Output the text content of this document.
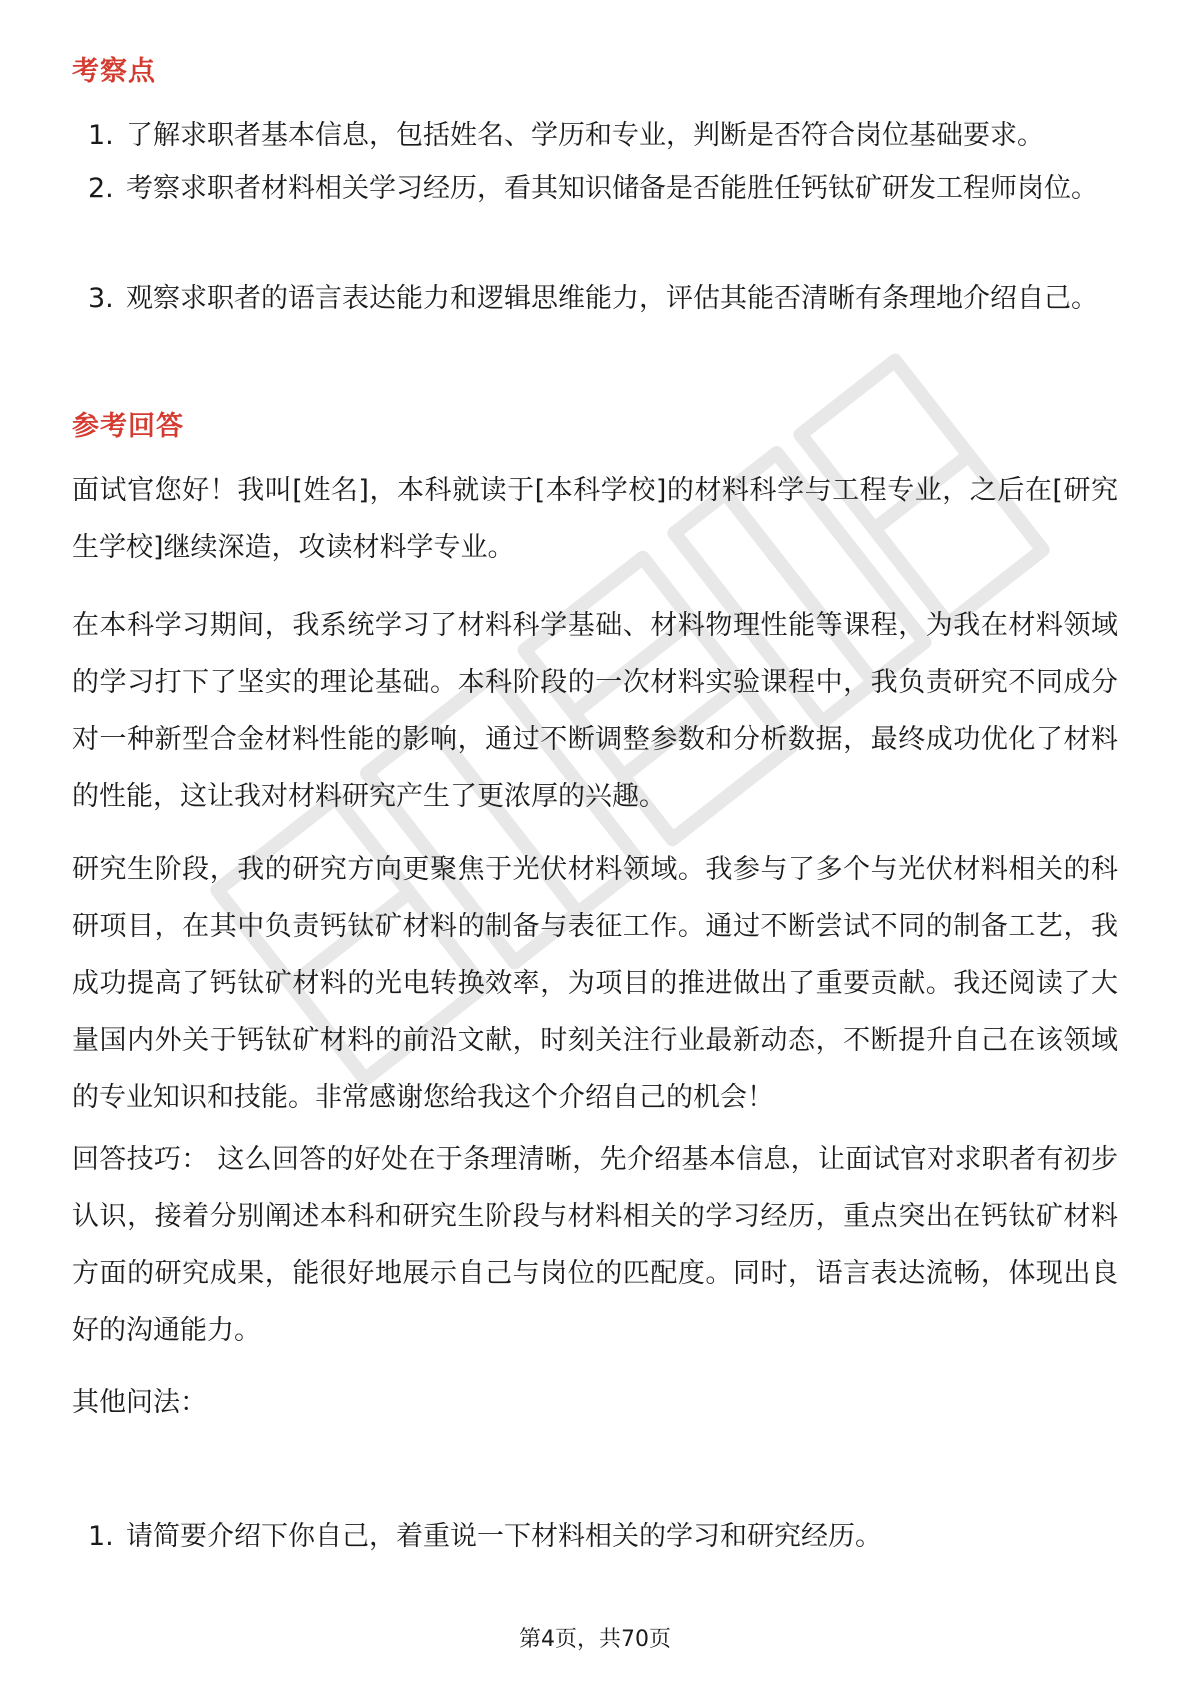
考察点
1. 了解求职者基本信息，包括姓名、学历和专业，判断是否符合岗位基础要求。
2. 考察求职者材料相关学习经历，看其知识储备是否能胜任钙钛矿研发工程师岗位。
3. 观察求职者的语言表达能力和逻辑思维能力，评估其能否清晰有条理地介绍自己。
参考回答
面试官您好！我叫[姓名]，本科就读于[本科学校]的材料科学与工程专业，之后在[研究生学校]继续深造，攻读材料学专业。
在本科学习期间，我系统学习了材料科学基础、材料物理性能等课程，为我在材料领域的学习打下了坚实的理论基础。本科阶段的一次材料实验课程中，我负责研究不同成分对一种新型合金材料性能的影响，通过不断调整参数和分析数据，最终成功优化了材料的性能，这让我对材料研究产生了更浓厚的兴趣。
研究生阶段，我的研究方向更聚焦于光伏材料领域。我参与了多个与光伏材料相关的科研项目，在其中负责钙钛矿材料的制备与表征工作。通过不断尝试不同的制备工艺，我成功提高了钙钛矿材料的光电转换效率，为项目的推进做出了重要贡献。我还阅读了大量国内外关于钙钛矿材料的前沿文献，时刻关注行业最新动态，不断提升自己在该领域的专业知识和技能。非常感谢您给我这个介绍自己的机会！
回答技巧： 这么回答的好处在于条理清晰，先介绍基本信息，让面试官对求职者有初步认识，接着分别阐述本科和研究生阶段与材料相关的学习经历，重点突出在钙钛矿材料方面的研究成果，能很好地展示自己与岗位的匹配度。同时，语言表达流畅，体现出良好的沟通能力。
其他问法：
1. 请简要介绍下你自己，着重说一下材料相关的学习和研究经历。
第4页，共70页
